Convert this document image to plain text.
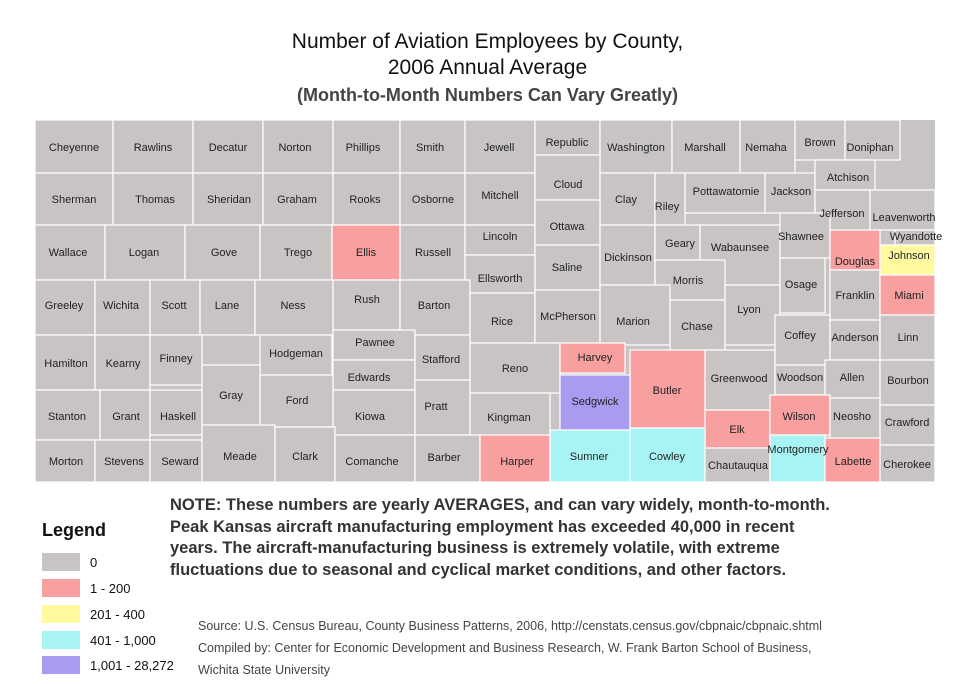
Number of Aviation Employees by County,
2006 Annual Average
(Month-to-Month Numbers Can Vary Greatly)
Cheyenne	Rawlins	Decatur	Norton	Phillips	Smith	Jewell	Republic Washington Marshall Nemaha Brown Doniphan
Sherman	Thomas	Sheridan Graham	Rooks	Osborne Mitchell
Cloud
Clay
Riley
Pottawatomie Jackson
Atchison
Jefferson Leavenworth
Wyandotte
Wallace	Logan	Gove	Trego	Ellis	Russell
Lincoln
Ottawa
Saline
Dickinson
Geary Wabaunsee
Shawnee
Douglas Johnson
Ellsworth	Morris
Greeley Wichita Scott	Lane	Ness	Rush	Barton
Rice McPherson Marion	Chase
Lyon
Osage
Franklin Miami
Hamilton Kearny Finney	Hodgeman
Pawnee
Edwards
Stafford
Reno
Harvey
Butler
Greenwood
Coffey Anderson Linn
Woodson Allen Bourbon
Gray	Ford
Kiowa
Pratt	Sedgwick
Stanton Grant Haskell	Kingman
Elk
Wilson Neosho Crawford
Morton Stevens Seward Meade	Clark	Comanche	Barber	Harper	Sumner	Cowley
Chautauqua
Montgomery
Labette Cherokee
Legend
0
1 - 200
201 - 400
401 - 1,000
1,001 - 28,272
NOTE: These numbers are yearly AVERAGES, and can vary widely, month-to-month. Peak Kansas aircraft manufacturing employment has exceeded 40,000 in recent years. The aircraft-manufacturing business is extremely volatile, with extreme fluctuations due to seasonal and cyclical market conditions, and other factors.
Source: U.S. Census Bureau, County Business Patterns, 2006, http://censtats.census.gov/cbpnaic/cbpnaic.shtml
Compiled by: Center for Economic Development and Business Research, W. Frank Barton School of Business,
Wichita State University
